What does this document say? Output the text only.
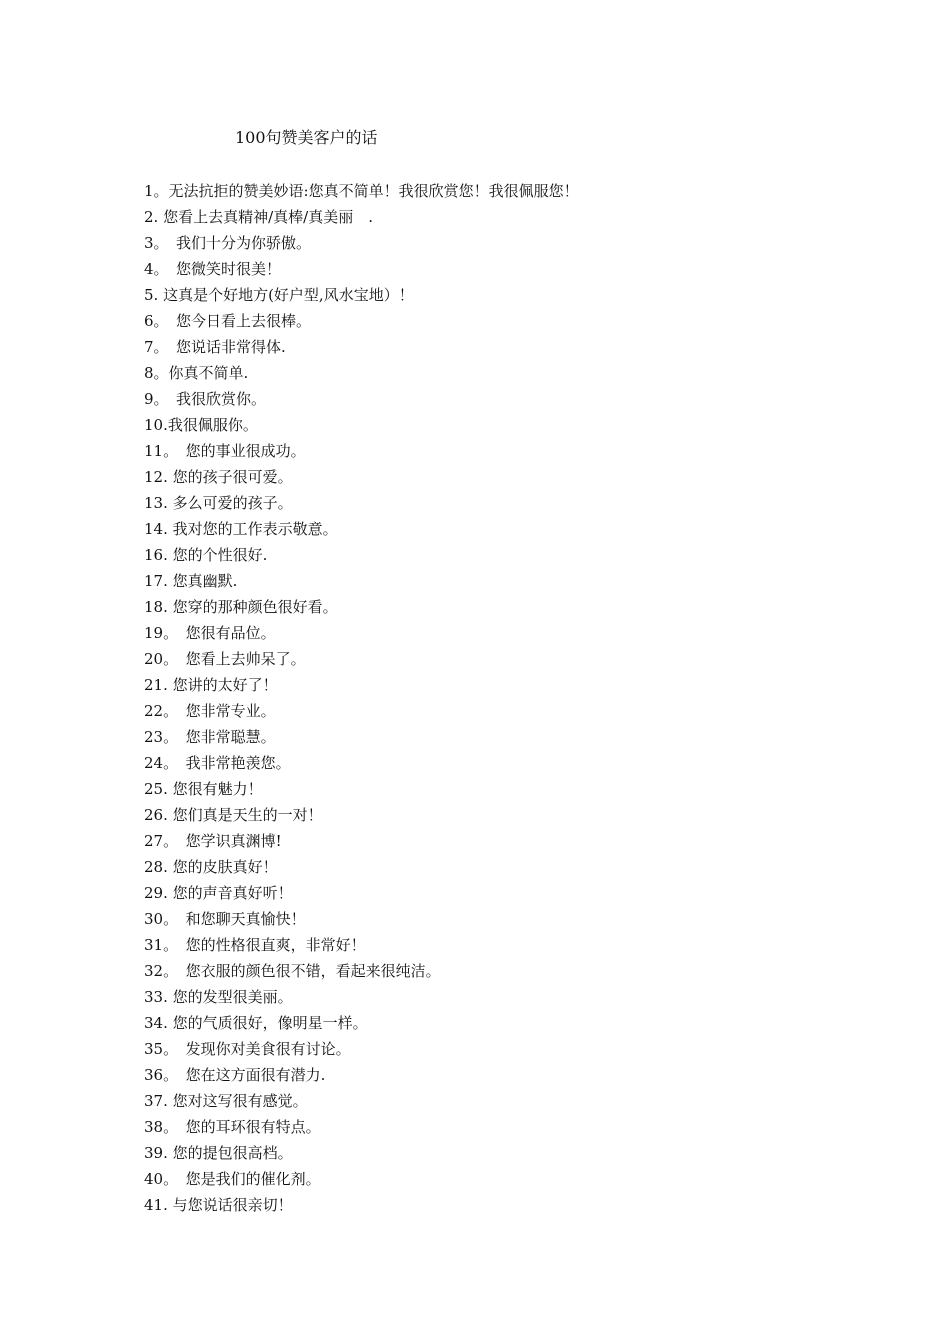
100句赞美客户的话
1。无法抗拒的赞美妙语:您真不简单！我很欣赏您！我很佩服您！
2. 您看上去真精神/真棒/真美丽　.
3。　我们十分为你骄傲。
4。　您微笑时很美！
5. 这真是个好地方(好户型,风水宝地）！
6。　您今日看上去很棒。
7。　您说话非常得体.
8。你真不简单.
9。　我很欣赏你。
10.我很佩服你。
11。　您的事业很成功。
12. 您的孩子很可爱。
13. 多么可爱的孩子。
14. 我对您的工作表示敬意。
16. 您的个性很好.
17. 您真幽默.
18. 您穿的那种颜色很好看。
19。　您很有品位。
20。　您看上去帅呆了。
21. 您讲的太好了！
22。　您非常专业。
23。　您非常聪慧。
24。　我非常艳羡您。
25. 您很有魅力！
26. 您们真是天生的一对！
27。　您学识真渊博!
28. 您的皮肤真好！
29. 您的声音真好听！
30。　和您聊天真愉快！
31。　您的性格很直爽，非常好！
32。　您衣服的颜色很不错，看起来很纯洁。
33. 您的发型很美丽。
34. 您的气质很好，像明星一样。
35。　发现你对美食很有讨论。
36。　您在这方面很有潜力.
37. 您对这写很有感觉。
38。　您的耳环很有特点。
39. 您的提包很高档。
40。　您是我们的催化剂。
41. 与您说话很亲切！
